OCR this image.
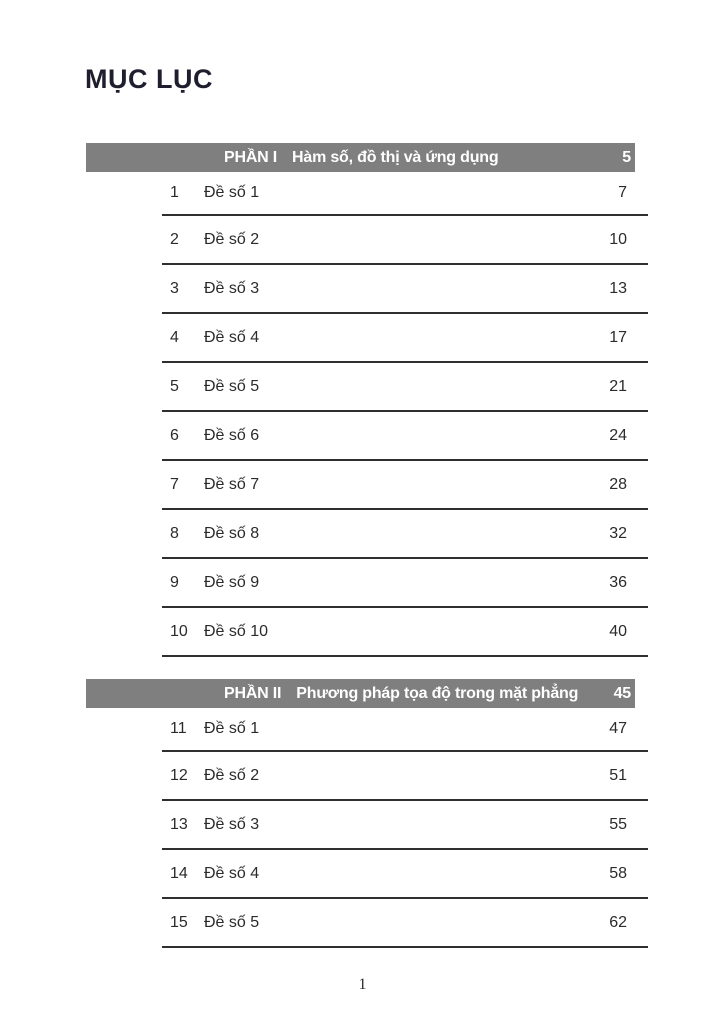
MỤC LỤC
PHẦN I Hàm số, đồ thị và ứng dụng	5
1	Đề số 1	7
2	Đề số 2	10
3	Đề số 3	13
4	Đề số 4	17
5	Đề số 5	21
6	Đề số 6	24
7	Đề số 7	28
8	Đề số 8	32
9	Đề số 9	36
10	Đề số 10	40
PHẦN II Phương pháp tọa độ trong mặt phẳng 45
11	Đề số 1	47
12	Đề số 2	51
13	Đề số 3	55
14	Đề số 4	58
15	Đề số 5	62
1
